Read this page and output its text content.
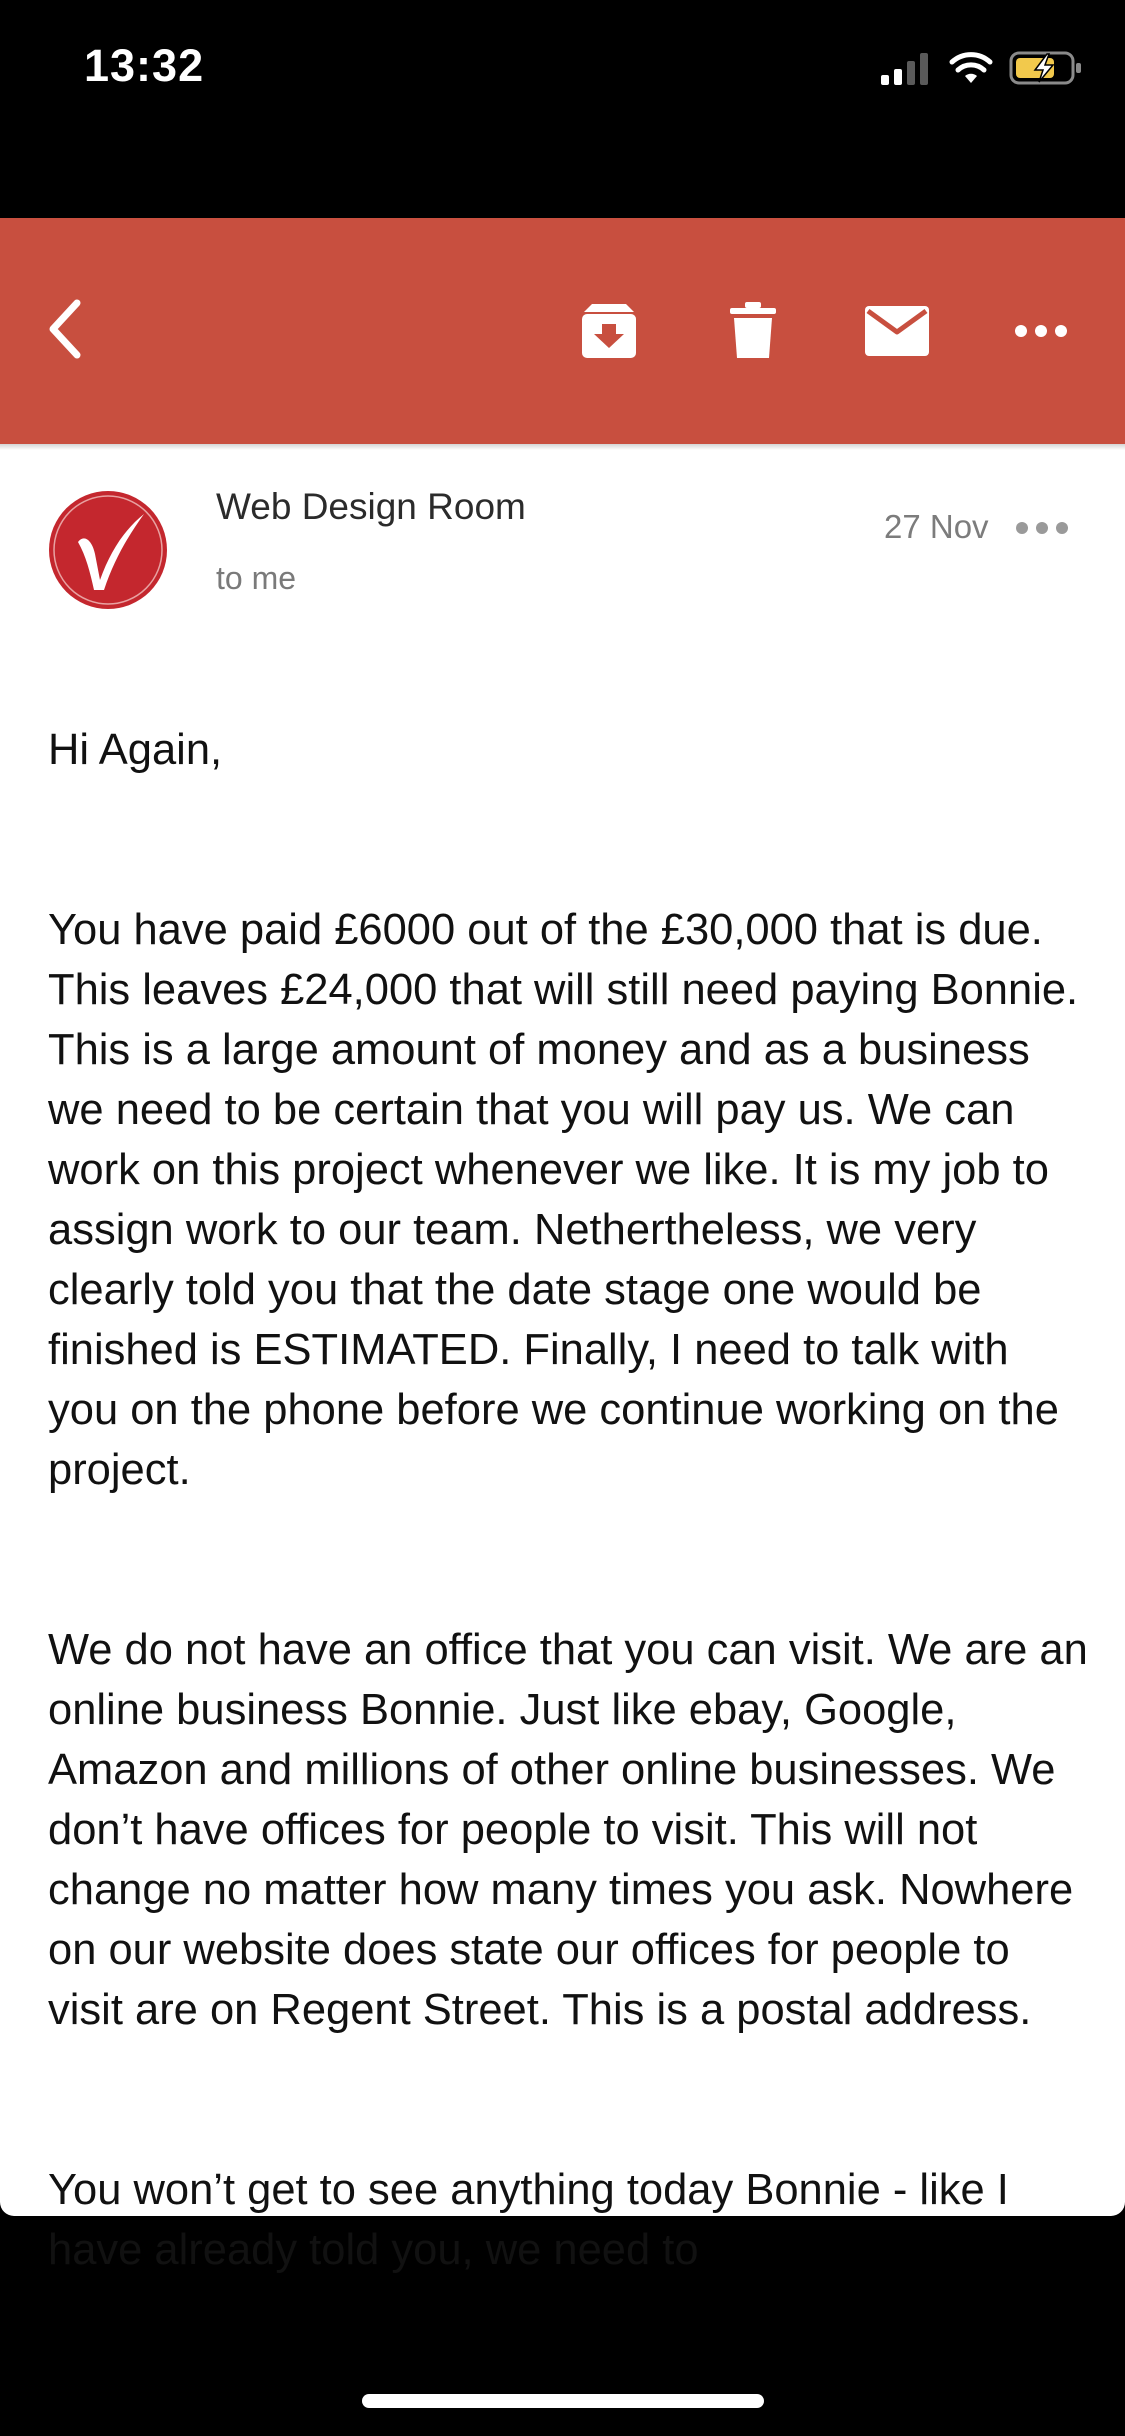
13:32
Web Design Room
to me
27 Nov

Hi Again,

You have paid £6000 out of the £30,000 that is due. This leaves £24,000 that will still need paying Bonnie. This is a large amount of money and as a business we need to be certain that you will pay us. We can work on this project whenever we like. It is my job to assign work to our team. Nethertheless, we very clearly told you that the date stage one would be finished is ESTIMATED. Finally, I need to talk with you on the phone before we continue working on the project.

We do not have an office that you can visit. We are an online business Bonnie. Just like ebay, Google, Amazon and millions of other online businesses. We don’t have offices for people to visit. This will not change no matter how many times you ask. Nowhere on our website does state our offices for people to visit are on Regent Street. This is a postal address.

You won’t get to see anything today Bonnie - like I have already told you, we need to
